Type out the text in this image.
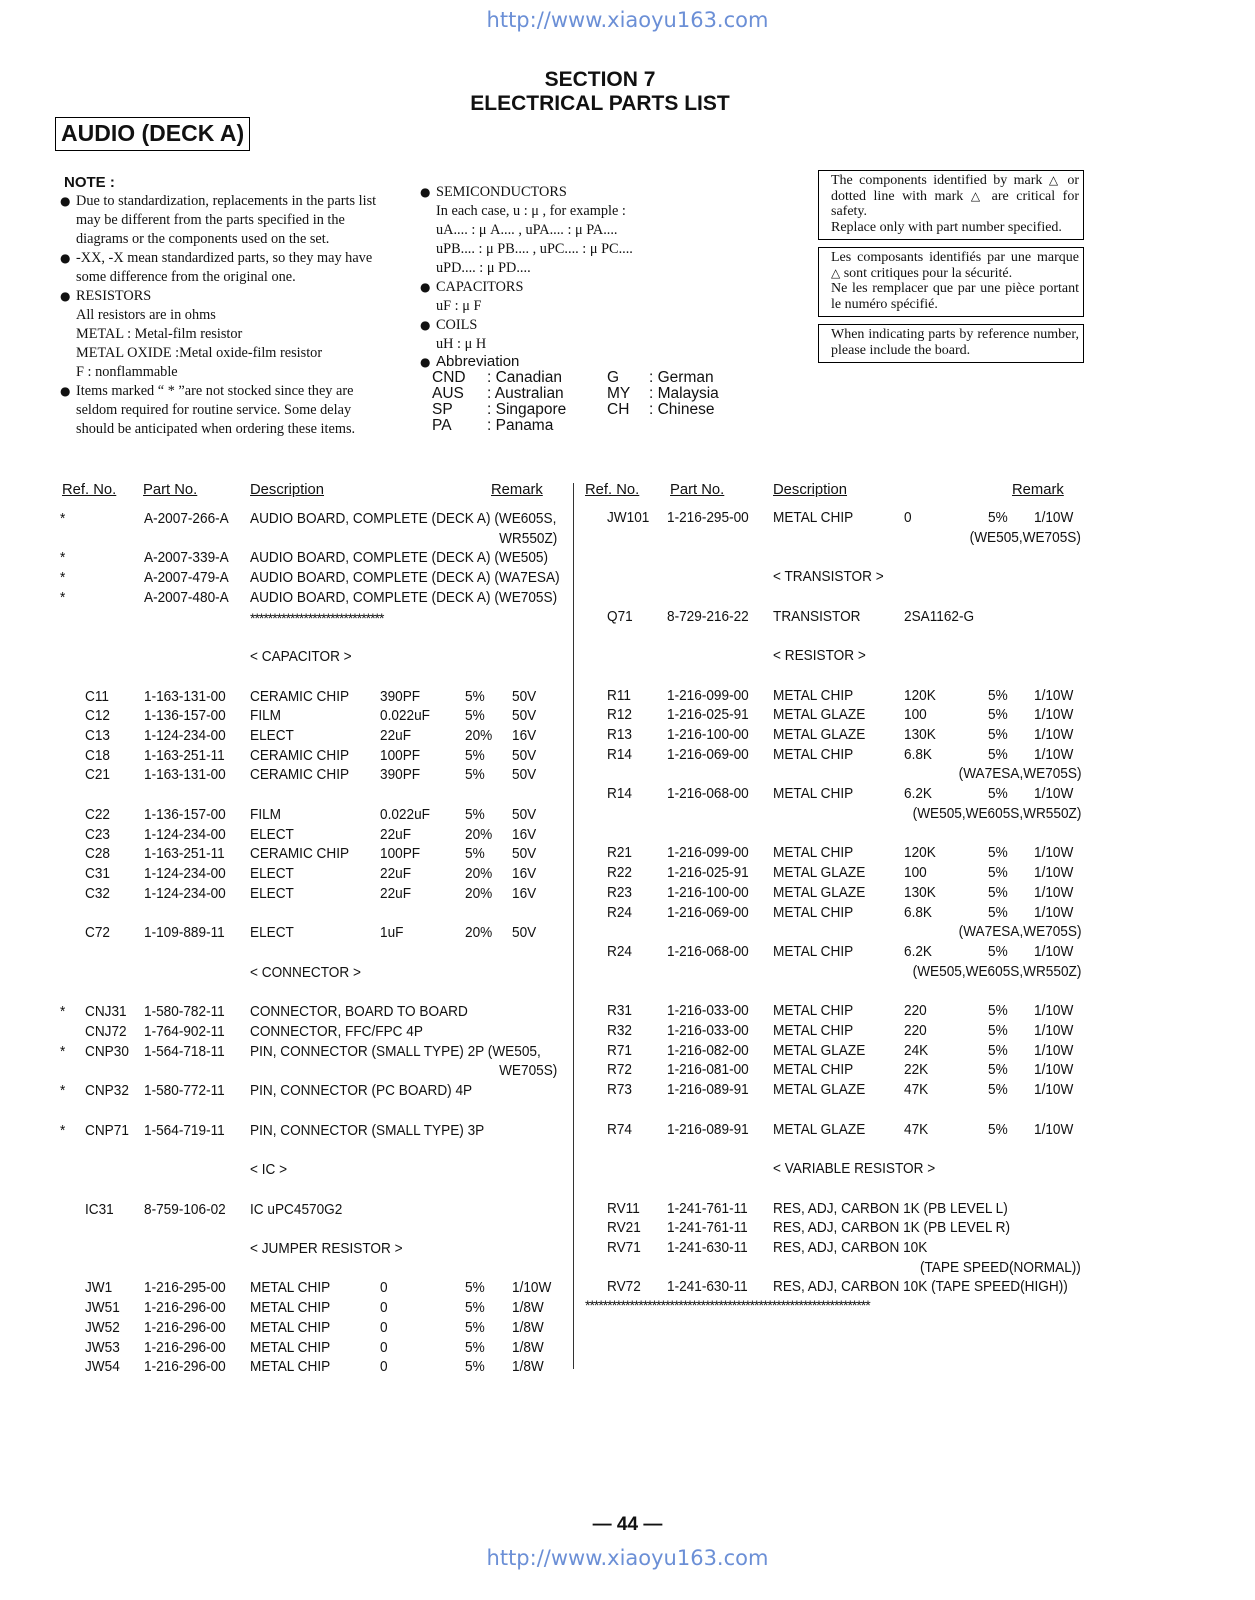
http://www.xiaoyu163.com
SECTION 7
ELECTRICAL PARTS LIST
AUDIO (DECK A)
NOTE :
● Due to standardization, replacements in the parts list may be different from the parts specified in the diagrams or the components used on the set.
● -XX, -X mean standardized parts, so they may have some difference from the original one.
● RESISTORS
All resistors are in ohms
METAL : Metal-film resistor
METAL OXIDE :Metal oxide-film resistor
F : nonflammable
● Items marked “ * ”are not stocked since they are seldom required for routine service. Some delay should be anticipated when ordering these items.
● SEMICONDUCTORS
In each case, u : μ , for example :
uA.... : μ A.... , uPA.... : μ PA....
uPB.... : μ PB.... , uPC.... : μ PC....
uPD.... : μ PD....
● CAPACITORS
uF : μ F
● COILS
uH : μ H
● Abbreviation
CND	: Canadian	G	: German
AUS	: Australian	MY	: Malaysia
SP	: Singapore	CH	: Chinese
PA	: Panama
The components identified by mark △ or dotted line with mark △ are critical for safety.
Replace only with part number specified.
Les composants identifiés par une marque △ sont critiques pour la sécurité.
Ne les remplacer que par une pièce portant le numéro spécifié.
When indicating parts by reference number, please include the board.
Ref. No. Part No.	Description	Remark	Ref. No. Part No.	Description	Remark
*	A-2007-266-A AUDIO BOARD, COMPLETE (DECK A) (WE605S,
WR550Z)
*	A-2007-339-A AUDIO BOARD, COMPLETE (DECK A) (WE505)
*	A-2007-479-A AUDIO BOARD, COMPLETE (DECK A) (WA7ESA)
*	A-2007-480-A AUDIO BOARD, COMPLETE (DECK A) (WE705S)
******************************
< CAPACITOR >
C11 1-163-131-00 CERAMIC CHIP 390PF	5% 50V
C12 1-136-157-00 FILM	0.022uF 5% 50V
C13 1-124-234-00 ELECT	22uF	20% 16V
C18 1-163-251-11 CERAMIC CHIP 100PF	5% 50V
C21 1-163-131-00 CERAMIC CHIP 390PF	5% 50V
C22 1-136-157-00 FILM	0.022uF 5% 50V
C23 1-124-234-00 ELECT	22uF	20% 16V
C28 1-163-251-11 CERAMIC CHIP 100PF	5% 50V
C31 1-124-234-00 ELECT	22uF	20% 16V
C32 1-124-234-00 ELECT	22uF	20% 16V
C72 1-109-889-11 ELECT	1uF	20% 50V
< CONNECTOR >
* CNJ31 1-580-782-11 CONNECTOR, BOARD TO BOARD
CNJ72 1-764-902-11 CONNECTOR, FFC/FPC 4P
* CNP30 1-564-718-11 PIN, CONNECTOR (SMALL TYPE) 2P (WE505,
WE705S)
* CNP32 1-580-772-11 PIN, CONNECTOR (PC BOARD) 4P
* CNP71 1-564-719-11 PIN, CONNECTOR (SMALL TYPE) 3P
< IC >
IC31 8-759-106-02 IC uPC4570G2
< JUMPER RESISTOR >
JW1 1-216-295-00 METAL CHIP	0	5% 1/10W
JW51 1-216-296-00 METAL CHIP	0	5% 1/8W
JW52 1-216-296-00 METAL CHIP	0	5% 1/8W
JW53 1-216-296-00 METAL CHIP	0	5% 1/8W
JW54 1-216-296-00 METAL CHIP	0	5% 1/8W
JW101 1-216-295-00 METAL CHIP	0	5% 1/10W
(WE505,WE705S)
< TRANSISTOR >
Q71 8-729-216-22 TRANSISTOR	2SA1162-G
< RESISTOR >
R11 1-216-099-00 METAL CHIP	120K	5% 1/10W
R12 1-216-025-91 METAL GLAZE	100	5% 1/10W
R13 1-216-100-00 METAL GLAZE	130K	5% 1/10W
R14 1-216-069-00 METAL CHIP	6.8K	5% 1/10W
(WA7ESA,WE705S)
R14 1-216-068-00 METAL CHIP	6.2K	5% 1/10W
(WE505,WE605S,WR550Z)
R21 1-216-099-00 METAL CHIP	120K	5% 1/10W
R22 1-216-025-91 METAL GLAZE	100	5% 1/10W
R23 1-216-100-00 METAL GLAZE	130K	5% 1/10W
R24 1-216-069-00 METAL CHIP	6.8K	5% 1/10W
(WA7ESA,WE705S)
R24 1-216-068-00 METAL CHIP	6.2K	5% 1/10W
(WE505,WE605S,WR550Z)
R31 1-216-033-00 METAL CHIP	220	5% 1/10W
R32 1-216-033-00 METAL CHIP	220	5% 1/10W
R71 1-216-082-00 METAL GLAZE	24K	5% 1/10W
R72 1-216-081-00 METAL CHIP	22K	5% 1/10W
R73 1-216-089-91 METAL GLAZE	47K	5% 1/10W
R74 1-216-089-91 METAL GLAZE	47K	5% 1/10W
< VARIABLE RESISTOR >
RV11 1-241-761-11 RES, ADJ, CARBON 1K (PB LEVEL L)
RV21 1-241-761-11 RES, ADJ, CARBON 1K (PB LEVEL R)
RV71 1-241-630-11 RES, ADJ, CARBON 10K
(TAPE SPEED(NORMAL))
RV72 1-241-630-11 RES, ADJ, CARBON 10K (TAPE SPEED(HIGH))
****************************************************************
— 44 —
http://www.xiaoyu163.com
